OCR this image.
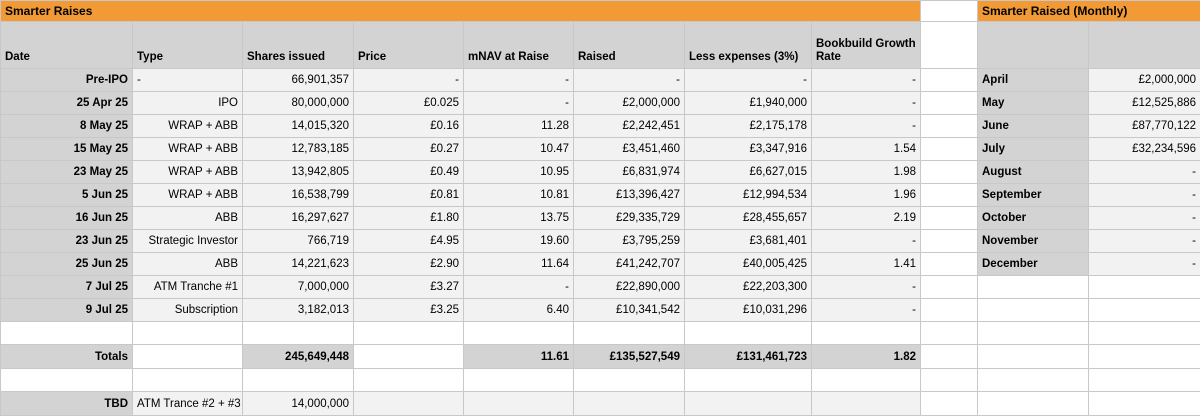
Smarter Raises							
Date	Type	Shares issued	Price	mNAV at Raise	Raised	Less expenses (3%)	Bookbuild Growth Rate
Pre-IPO	-	66,901,357	-	-	-	-	-
25 Apr 25	IPO	80,000,000	£0.025	-	£2,000,000	£1,940,000	-
8 May 25	WRAP + ABB	14,015,320	£0.16	11.28	£2,242,451	£2,175,178	-
15 May 25	WRAP + ABB	12,783,185	£0.27	10.47	£3,451,460	£3,347,916	1.54
23 May 25	WRAP + ABB	13,942,805	£0.49	10.95	£6,831,974	£6,627,015	1.98
5 Jun 25	WRAP + ABB	16,538,799	£0.81	10.81	£13,396,427	£12,994,534	1.96
16 Jun 25	ABB	16,297,627	£1.80	13.75	£29,335,729	£28,455,657	2.19
23 Jun 25	Strategic Investor	766,719	£4.95	19.60	£3,795,259	£3,681,401	-
25 Jun 25	ABB	14,221,623	£2.90	11.64	£41,242,707	£40,005,425	1.41
7 Jul 25	ATM Tranche #1	7,000,000	£3.27	-	£22,890,000	£22,203,300	-
9 Jul 25	Subscription	3,182,013	£3.25	6.40	£10,341,542	£10,031,296	-

Totals		245,649,448		11.61	£135,527,549	£131,461,723	1.82

TBD	ATM Trance #2 + #3	14,000,000					

Smarter Raised (Monthly)	

April	£2,000,000
May	£12,525,886
June	£87,770,122
July	£32,234,596
August	-
September	-
October	-
November	-
December	-
